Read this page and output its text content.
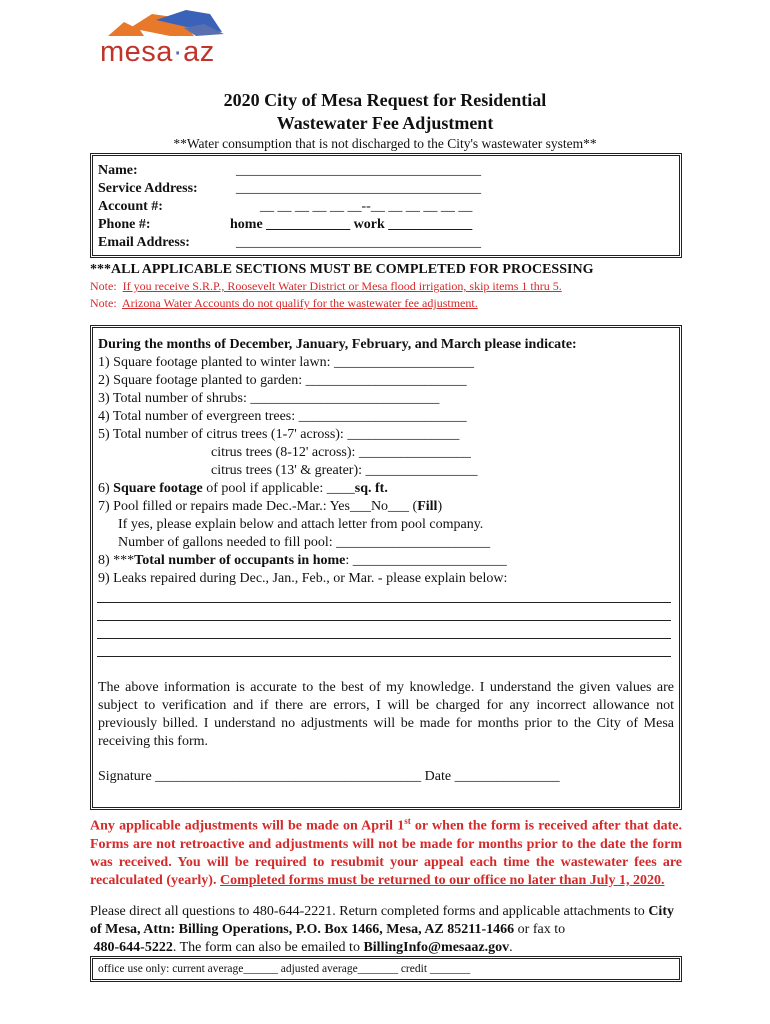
mesa·az
2020 City of Mesa Request for Residential
Wastewater Fee Adjustment
**Water consumption that is not discharged to the City's wastewater system**
Name:	___________________________________
Service Address:	___________________________________
Account #:	__ __ __ __ __ __--__ __ __ __ __ __
Phone #:	home ____________ work ____________
Email Address:	___________________________________
***ALL APPLICABLE SECTIONS MUST BE COMPLETED FOR PROCESSING
Note: If you receive S.R.P., Roosevelt Water District or Mesa flood irrigation, skip items 1 thru 5.
Note: Arizona Water Accounts do not qualify for the wastewater fee adjustment.
During the months of December, January, February, and March please indicate:
1) Square footage planted to winter lawn: ____________________
2) Square footage planted to garden: _______________________
3) Total number of shrubs: ___________________________
4) Total number of evergreen trees: ________________________
5) Total number of citrus trees (1-7' across): ________________
citrus trees (8-12' across): ________________
citrus trees (13' & greater): ________________
6) Square footage of pool if applicable: ____sq. ft.
7) Pool filled or repairs made Dec.-Mar.: Yes___No___ (Fill)
If yes, please explain below and attach letter from pool company.
Number of gallons needed to fill pool: ______________________
8) ***Total number of occupants in home: ______________________
9) Leaks repaired during Dec., Jan., Feb., or Mar. - please explain below:
The above information is accurate to the best of my knowledge. I understand the given values are subject to verification and if there are errors, I will be charged for any incorrect allowance not previously billed. I understand no adjustments will be made for months prior to the City of Mesa receiving this form.
Signature ______________________________________ Date _______________
Any applicable adjustments will be made on April 1st or when the form is received after that date. Forms are not retroactive and adjustments will not be made for months prior to the date the form was received. You will be required to resubmit your appeal each time the wastewater fees are recalculated (yearly). Completed forms must be returned to our office no later than July 1, 2020.
Please direct all questions to 480-644-2221. Return completed forms and applicable attachments to City of Mesa, Attn: Billing Operations, P.O. Box 1466, Mesa, AZ 85211-1466 or fax to
480-644-5222. The form can also be emailed to BillingInfo@mesaaz.gov.
office use only: current average______ adjusted average_______ credit _______
